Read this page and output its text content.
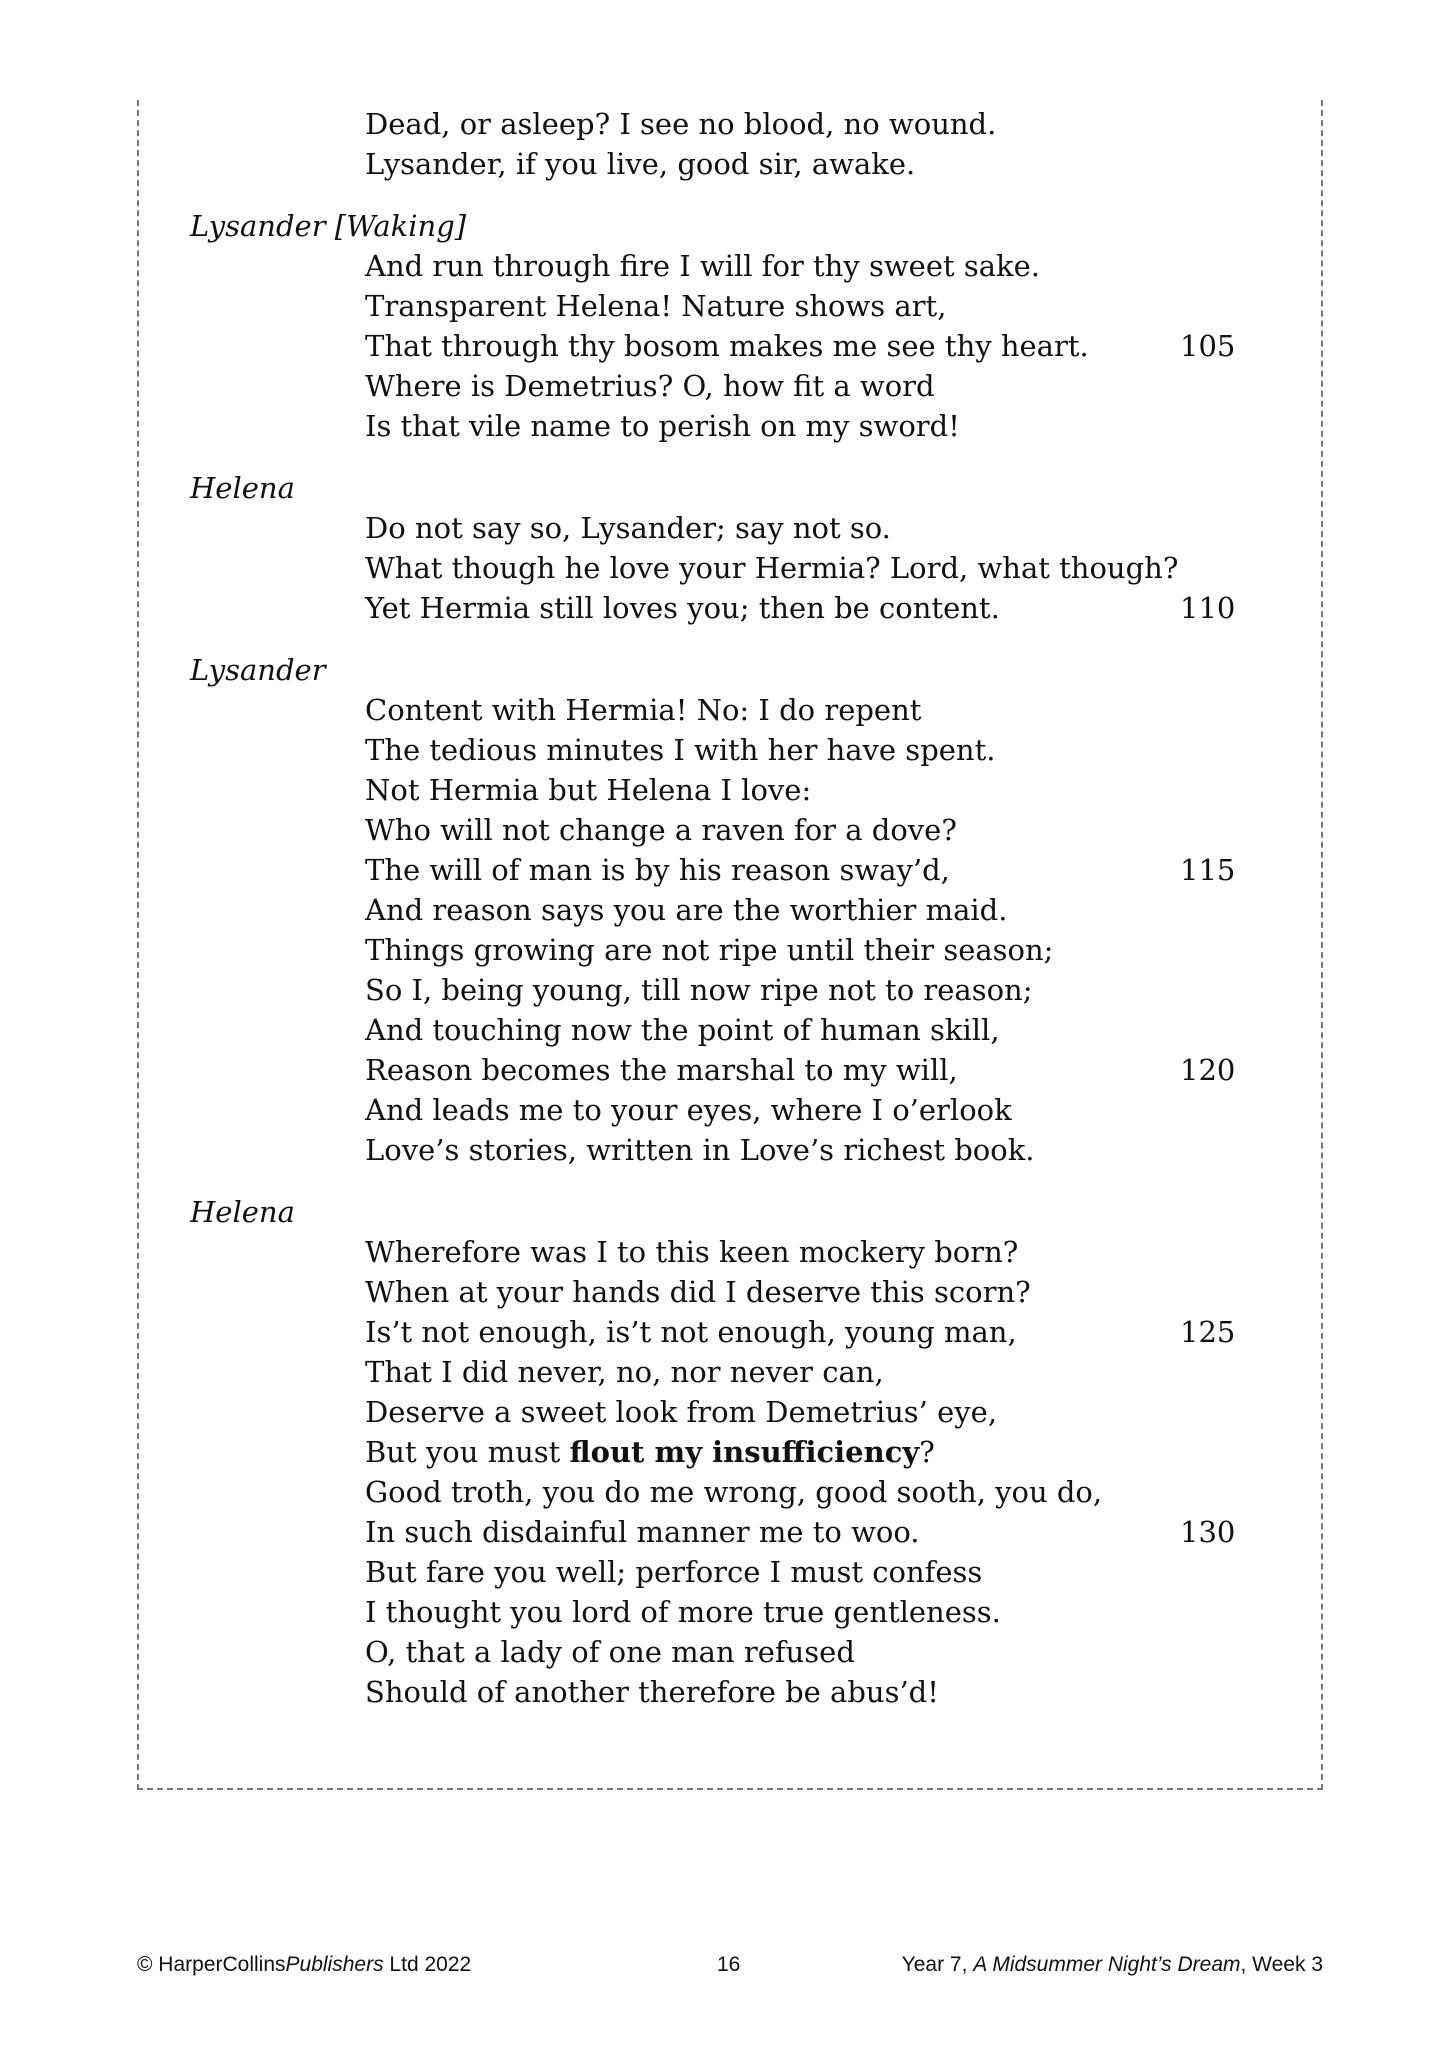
Dead, or asleep? I see no blood, no wound.
Lysander, if you live, good sir, awake.
Lysander [Waking]
And run through fire I will for thy sweet sake.
Transparent Helena! Nature shows art,
That through thy bosom makes me see thy heart.	105
Where is Demetrius? O, how fit a word
Is that vile name to perish on my sword!
Helena
Do not say so, Lysander; say not so.
What though he love your Hermia? Lord, what though?
Yet Hermia still loves you; then be content.	110
Lysander
Content with Hermia! No: I do repent
The tedious minutes I with her have spent.
Not Hermia but Helena I love:
Who will not change a raven for a dove?
The will of man is by his reason sway’d,	115
And reason says you are the worthier maid.
Things growing are not ripe until their season;
So I, being young, till now ripe not to reason;
And touching now the point of human skill,
Reason becomes the marshal to my will,	120
And leads me to your eyes, where I o’erlook
Love’s stories, written in Love’s richest book.
Helena
Wherefore was I to this keen mockery born?
When at your hands did I deserve this scorn?
Is’t not enough, is’t not enough, young man,	125
That I did never, no, nor never can,
Deserve a sweet look from Demetrius’ eye,
But you must flout my insufficiency?
Good troth, you do me wrong, good sooth, you do,
In such disdainful manner me to woo.	130
But fare you well; perforce I must confess
I thought you lord of more true gentleness.
O, that a lady of one man refused
Should of another therefore be abus’d!
© HarperCollinsPublishers Ltd 2022	16	Year 7, A Midsummer Night’s Dream, Week 3
